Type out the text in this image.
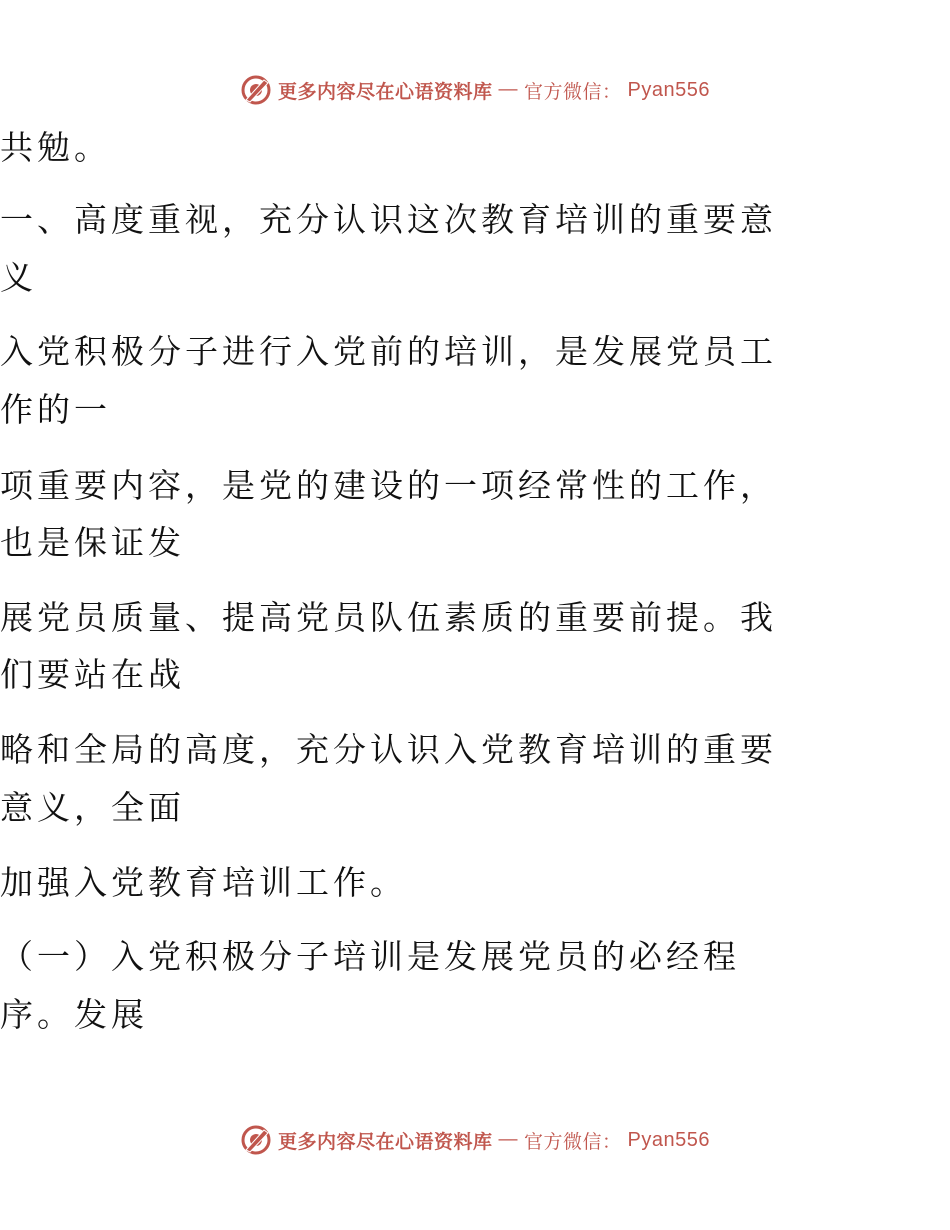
更多内容尽在心语资料库 — 官方微信： Pyan556
共勉。
一、高度重视，充分认识这次教育培训的重要意
义
入党积极分子进行入党前的培训，是发展党员工
作的一
项重要内容，是党的建设的一项经常性的工作，
也是保证发
展党员质量、提高党员队伍素质的重要前提。我
们要站在战
略和全局的高度，充分认识入党教育培训的重要
意义，全面
加强入党教育培训工作。
（一）入党积极分子培训是发展党员的必经程
序。发展
更多内容尽在心语资料库 — 官方微信： Pyan556
